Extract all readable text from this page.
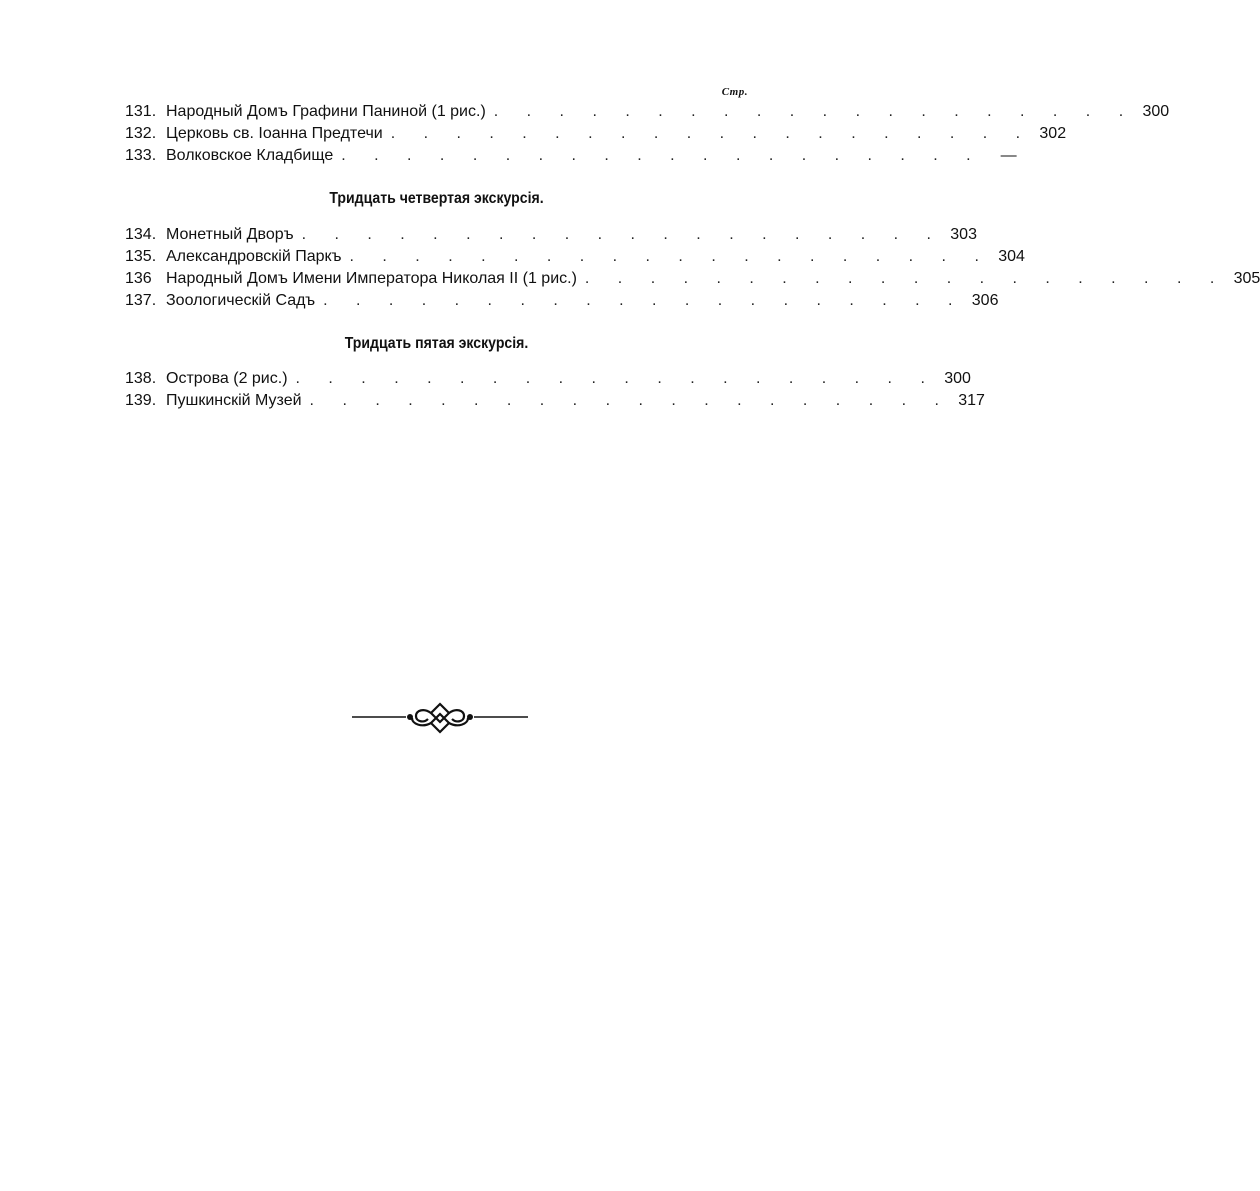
Стр.
131. Народный Домъ Графини Паниной (1 рис.) . . . . . . . . . . . . . . . . . . . . 300
132. Церковь св. Іоанна Предтечи . . . . . . . . . . . . . . . . . . . . 302
133. Волковское Кладбище . . . . . . . . . . . . . . . . . . . .	—
Тридцать четвертая экскурсія.
134. Монетный Дворъ . . . . . . . . . . . . . . . . . . . . 303
135. Александровскій Паркъ . . . . . . . . . . . . . . . . . . . . 304
136 Народный Домъ Имени Императора Николая II (1 рис.) . . . . . . . . . . . . . . . . . . . . 305
137. Зоологическій Садъ . . . . . . . . . . . . . . . . . . . . 306
Тридцать пятая экскурсія.
138. Острова (2 рис.) . . . . . . . . . . . . . . . . . . . . 300
139. Пушкинскій Музей . . . . . . . . . . . . . . . . . . . . 317
